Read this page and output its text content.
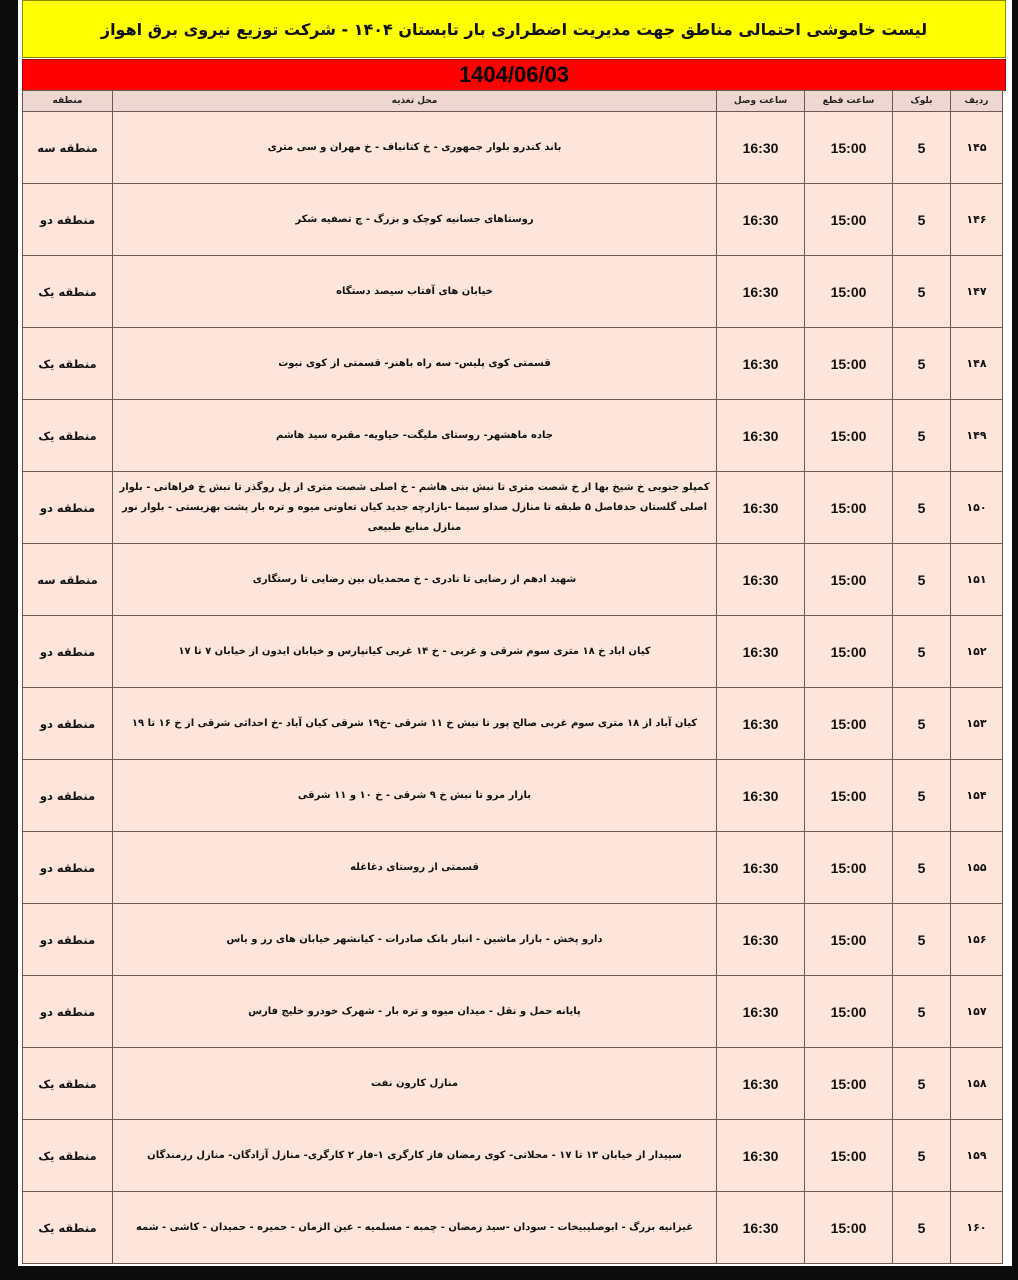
لیست خاموشی احتمالی مناطق جهت مدیریت اضطراری بار تابستان ۱۴۰۴ - شرکت توزیع نیروی برق اهواز
1404/06/03
منطقه	محل تغذیه	ساعت وصل	ساعت قطع	بلوک	ردیف
منطقه سه	باند کندرو بلوار جمهوری - خ کتانباف - خ مهران و سی متری	16:30	15:00	5	۱۴۵
منطقه دو	روستاهای جسانیه کوچک و بزرگ - چ تصفیه شکر	16:30	15:00	5	۱۴۶
منطقه یک	خیابان های آفتاب سیصد دستگاه	16:30	15:00	5	۱۴۷
منطقه یک	قسمتی کوی پلیس- سه راه باهنر- قسمتی از کوی نبوت	16:30	15:00	5	۱۴۸
منطقه یک	جاده ماهشهر- روستای ملیگت- حیاویه- مقبره سید هاشم	16:30	15:00	5	۱۴۹
منطقه دو	کمپلو جنوبی خ شیخ بها از خ شصت متری تا نبش بنی هاشم - خ اصلی شصت متری از پل روگذر تا نبش خ فراهانی - بلوار اصلی گلستان حدفاصل ۵ طبقه تا منازل صداو سیما -بازارچه جدید کیان تعاونی میوه و تره بار پشت بهزیستی - بلوار نور منازل منابع طبیعی	16:30	15:00	5	۱۵۰
منطقه سه	شهید ادهم از رضایی تا نادری - خ محمدیان بین رضایی تا رستگاری	16:30	15:00	5	۱۵۱
منطقه دو	کیان اباد خ ۱۸ متری سوم شرقی و غربی - خ ۱۴ غربی کیانپارس و خیابان ایدون از خیابان ۷ تا ۱۷	16:30	15:00	5	۱۵۲
منطقه دو	کیان آباد از ۱۸ متری سوم غربی صالح پور تا نبش خ ۱۱ شرقی -خ۱۹ شرقی کیان آباد -خ احداثی شرقی از خ ۱۶ تا ۱۹	16:30	15:00	5	۱۵۳
منطقه دو	بازار مرو تا نبش خ ۹ شرقی - خ ۱۰ و ۱۱ شرقی	16:30	15:00	5	۱۵۴
منطقه دو	قسمتی از روستای دغاغله	16:30	15:00	5	۱۵۵
منطقه دو	دارو پخش - بازار ماشین - انبار بانک صادرات - کیانشهر خیابان های رز و یاس	16:30	15:00	5	۱۵۶
منطقه دو	پایانه حمل و نقل - میدان میوه و تره بار - شهرک خودرو خلیج فارس	16:30	15:00	5	۱۵۷
منطقه یک	منازل کارون نفت	16:30	15:00	5	۱۵۸
منطقه یک	سپیدار از خیابان ۱۳ تا ۱۷ - محلاتی- کوی رمضان فاز کارگری ۱-فاز ۲ کارگری- منازل آزادگان- منازل رزمندگان	16:30	15:00	5	۱۵۹
منطقه یک	غیزانیه بزرگ - ابوصلیبیخات - سودان -سید رمضان - چمبه - مسلمیه - عین الزمان - حمیره - حمیدان - کاشی - شمه	16:30	15:00	5	۱۶۰
